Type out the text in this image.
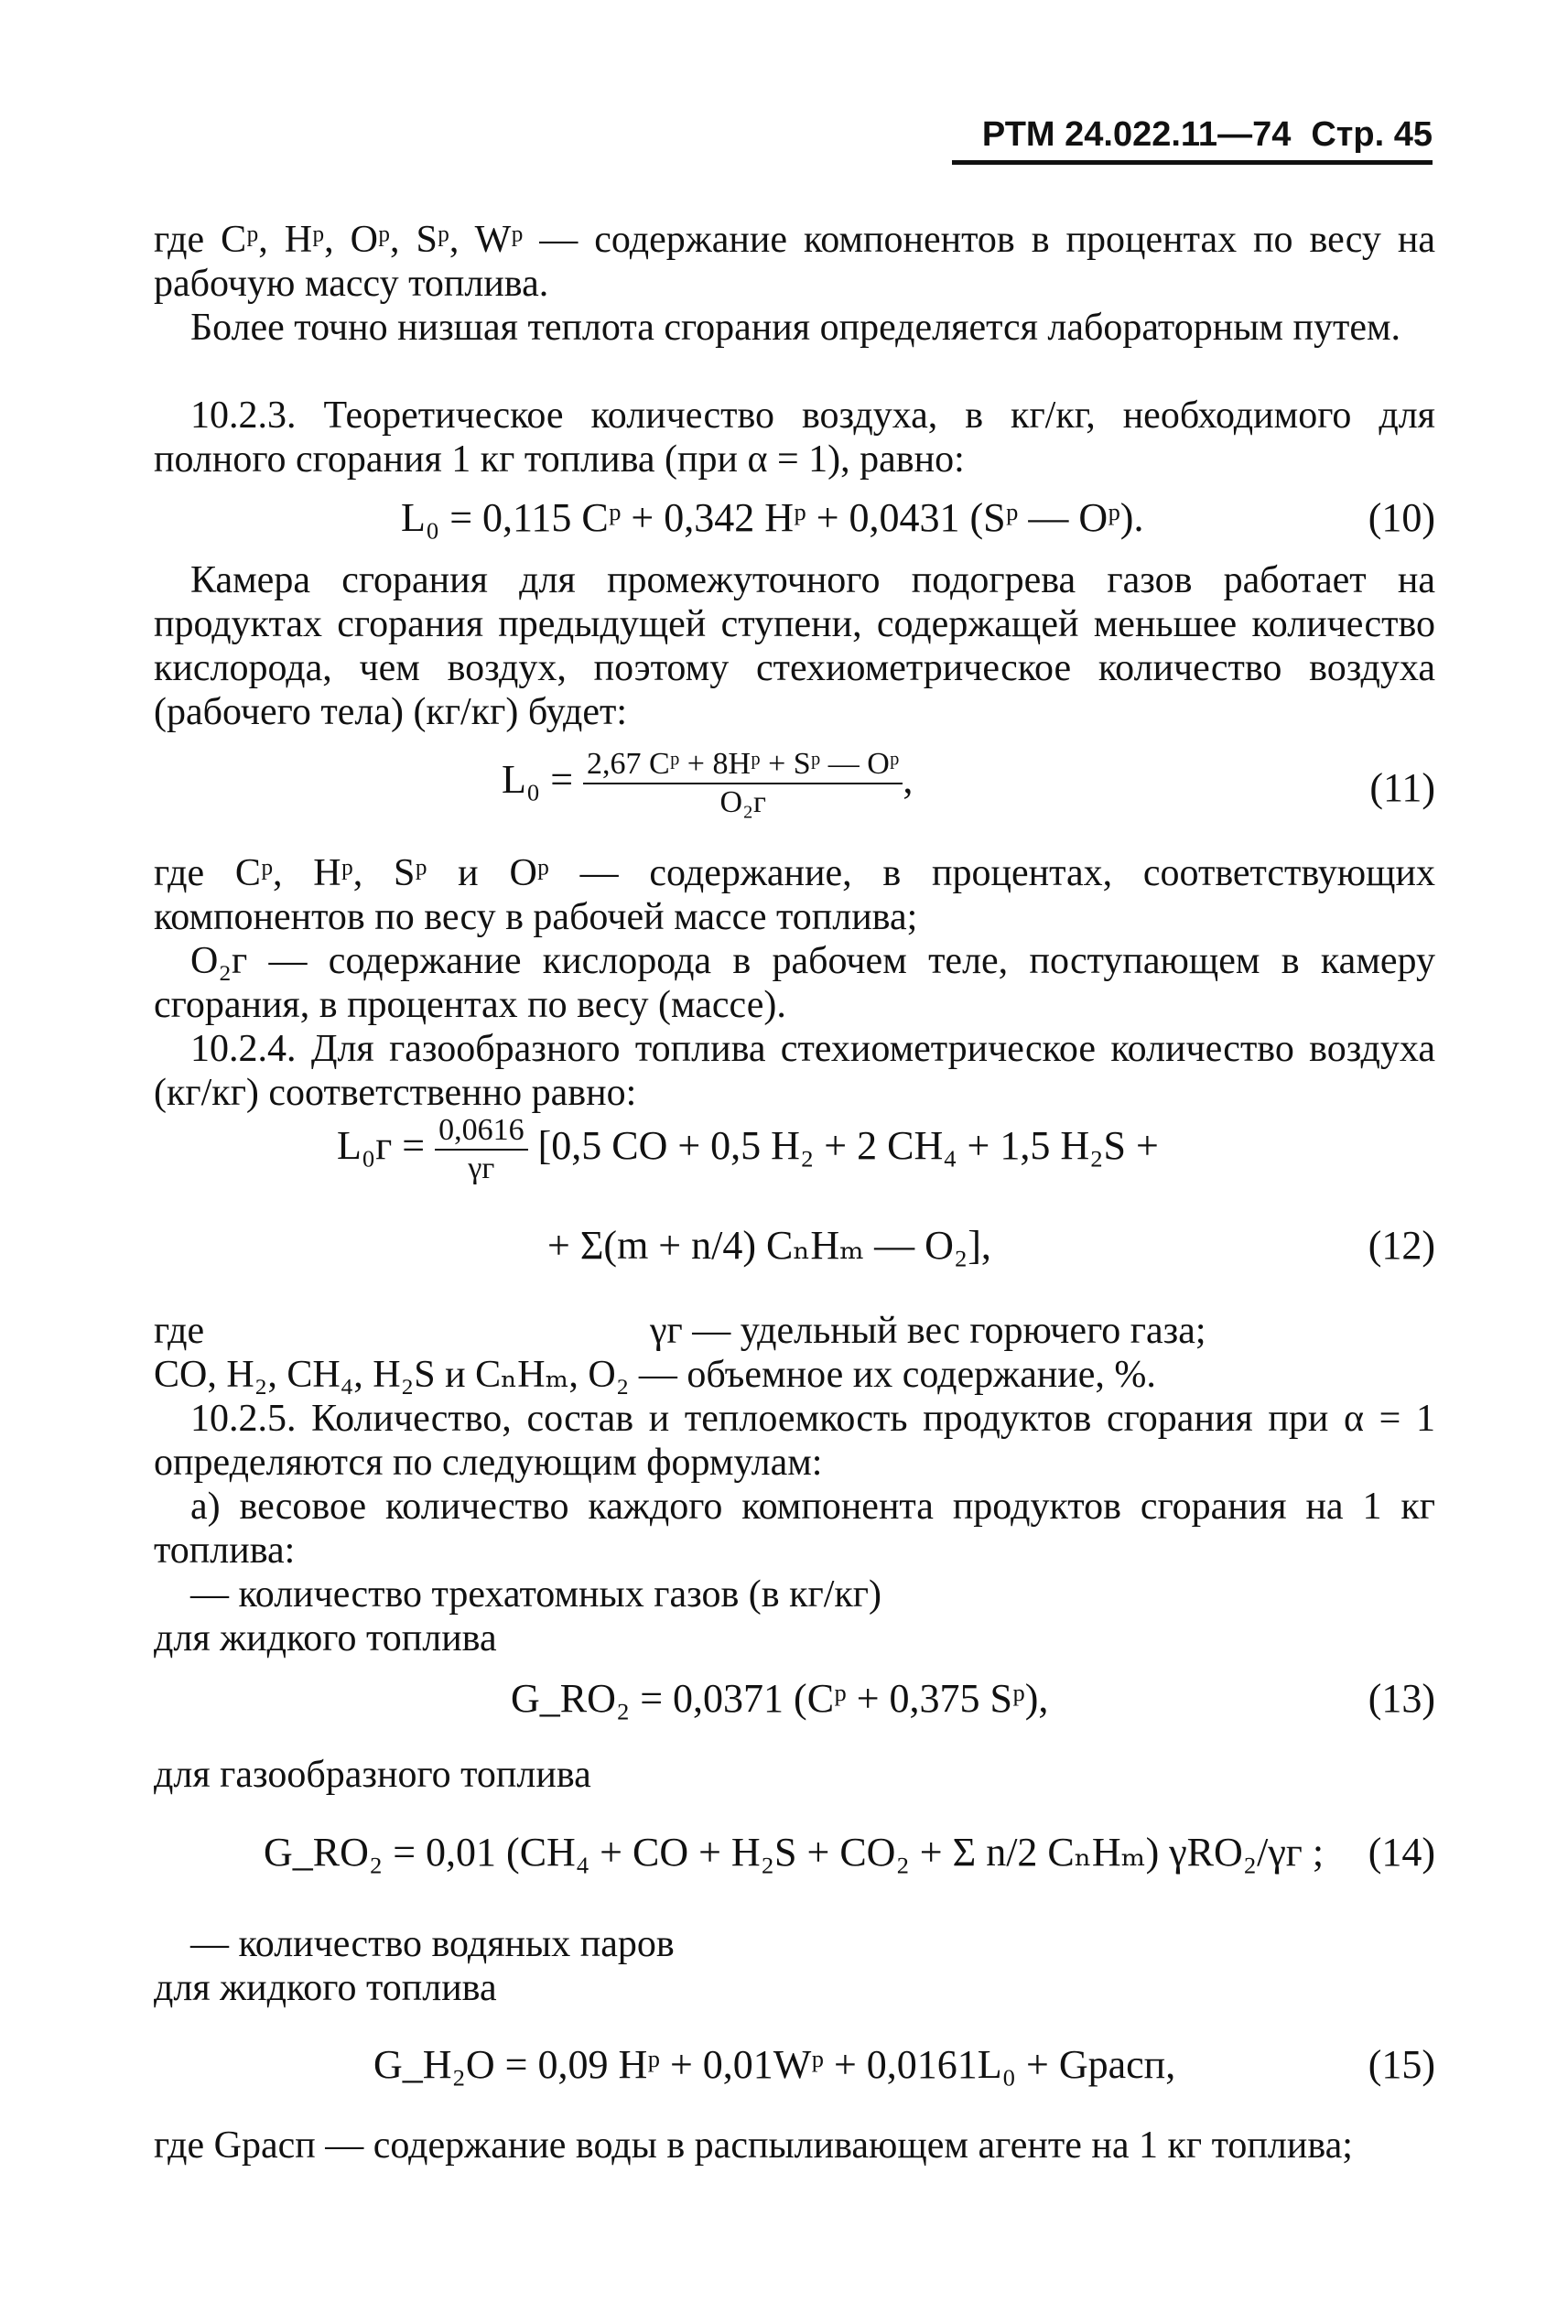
РТМ 24.022.11—74 Стр. 45

где Cᵖ, Hᵖ, Oᵖ, Sᵖ, Wᵖ — содержание компонентов в процентах по весу на рабочую массу топлива.

Более точно низшая теплота сгорания определяется лабораторным путем.

10.2.3. Теоретическое количество воздуха, в кг/кг, необходимого для полного сгорания 1 кг топлива (при α = 1), равно:

L₀ = 0,115 Cᵖ + 0,342 Hᵖ + 0,0431 (Sᵖ — Oᵖ).	(10)

Камера сгорания для промежуточного подогрева газов работает на продуктах сгорания предыдущей ступени, содержащей меньшее количество кислорода, чем воздух, поэтому стехиометрическое количество воздуха (рабочего тела) (кг/кг) будет:

$L_0 = \frac{\text{2,67 Cᵖ + 8Hᵖ + Sᵖ — Oᵖ}}{\text{O₂ᴦ}}$ ,	(11)

где Cᵖ, Hᵖ, Sᵖ и Oᵖ — содержание, в процентах, соответствующих компонентов по весу в рабочей массе топлива;

O₂ᴦ — содержание кислорода в рабочем теле, поступающем в камеру сгорания, в процентах по весу (массе).

10.2.4. Для газообразного топлива стехиометрическое количество воздуха (кг/кг) соответственно равно:

L₀ᴦ = $\frac{0,0616}{\text{γᴦ}} [0,5$ CO + 0,5 H₂ + 2 CH₄ + 1,5 H₂S +
+ Σ(m + n/4) CₙHₘ — O₂],	(12)
где	γᴦ — удельный вес горючего газа;

CO, H₂, CH₄, H₂S и CₙHₘ, O₂ — объемное их содержание, %.

10.2.5. Количество, состав и теплоемкость продуктов сгорания при α = 1 определяются по следующим формулам:

а) весовое количество каждого компонента продуктов сгорания на 1 кг топлива:

— количество трехатомных газов (в кг/кг)

для жидкого топлива

G_RO₂ = 0,0371 (Cᵖ + 0,375 Sᵖ),	(13)

для газообразного топлива

G_RO₂ = 0,01 (CH₄ + CO + H₂S + CO₂ + Σ n/2 CₙHₘ) γRO₂/γᴦ ; (14)

— количество водяных паров

для жидкого топлива

G_H₂O = 0,09 Hᵖ + 0,01Wᵖ + 0,0161L₀ + Gрасп,	(15)

где Gрасп — содержание воды в распыливающем агенте на 1 кг топлива;
